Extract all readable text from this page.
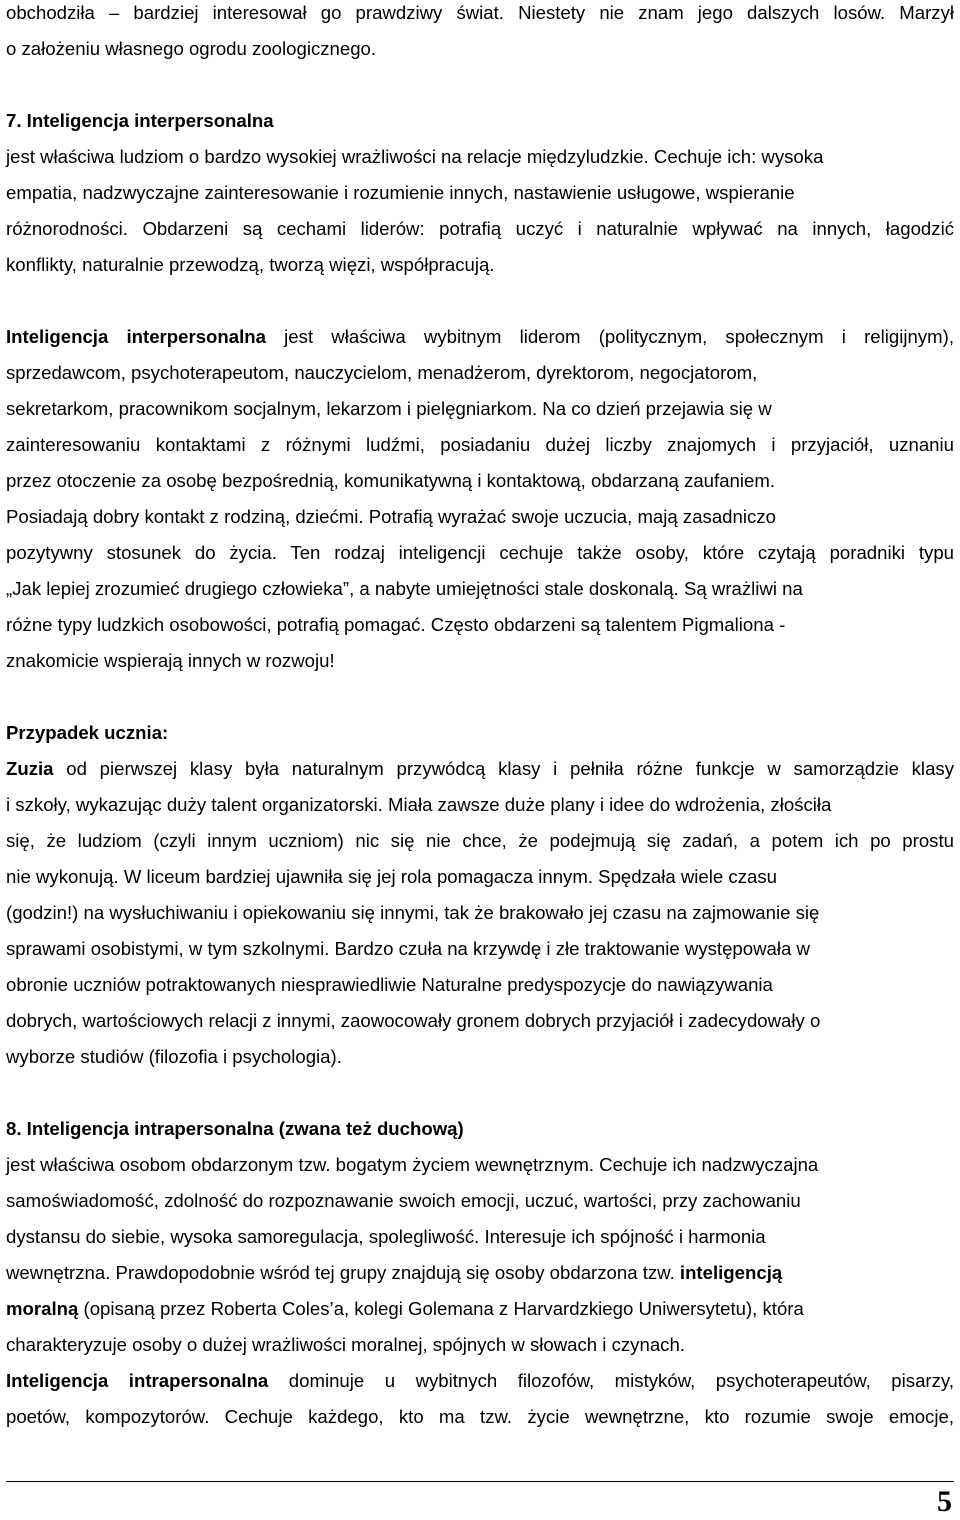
obchodziła – bardziej interesował go prawdziwy świat. Niestety nie znam jego dalszych losów. Marzył

o założeniu własnego ogrodu zoologicznego.

7. Inteligencja interpersonalna

jest właściwa ludziom o bardzo wysokiej wrażliwości na relacje międzyludzkie. Cechuje ich: wysoka

empatia, nadzwyczajne zainteresowanie i rozumienie innych, nastawienie usługowe, wspieranie

różnorodności. Obdarzeni są cechami liderów: potrafią uczyć i naturalnie wpływać na innych, łagodzić

konflikty, naturalnie przewodzą, tworzą więzi, współpracują.

Inteligencja interpersonalna jest właściwa wybitnym liderom (politycznym, społecznym i religijnym),

sprzedawcom, psychoterapeutom, nauczycielom, menadżerom, dyrektorom, negocjatorom,

sekretarkom, pracownikom socjalnym, lekarzom i pielęgniarkom. Na co dzień przejawia się w

zainteresowaniu kontaktami z różnymi ludźmi, posiadaniu dużej liczby znajomych i przyjaciół, uznaniu

przez otoczenie za osobę bezpośrednią, komunikatywną i kontaktową, obdarzaną zaufaniem.

Posiadają dobry kontakt z rodziną, dziećmi. Potrafią wyrażać swoje uczucia, mają zasadniczo

pozytywny stosunek do życia. Ten rodzaj inteligencji cechuje także osoby, które czytają poradniki typu

„Jak lepiej zrozumieć drugiego człowieka”, a nabyte umiejętności stale doskonalą. Są wrażliwi na

różne typy ludzkich osobowości, potrafią pomagać. Często obdarzeni są talentem Pigmaliona -

znakomicie wspierają innych w rozwoju!

Przypadek ucznia:

Zuzia od pierwszej klasy była naturalnym przywódcą klasy i pełniła różne funkcje w samorządzie klasy

i szkoły, wykazując duży talent organizatorski. Miała zawsze duże plany i idee do wdrożenia, złościła

się, że ludziom (czyli innym uczniom) nic się nie chce, że podejmują się zadań, a potem ich po prostu

nie wykonują. W liceum bardziej ujawniła się jej rola pomagacza innym. Spędzała wiele czasu

(godzin!) na wysłuchiwaniu i opiekowaniu się innymi, tak że brakowało jej czasu na zajmowanie się

sprawami osobistymi, w tym szkolnymi. Bardzo czuła na krzywdę i złe traktowanie występowała w

obronie uczniów potraktowanych niesprawiedliwie Naturalne predyspozycje do nawiązywania

dobrych, wartościowych relacji z innymi, zaowocowały gronem dobrych przyjaciół i zadecydowały o

wyborze studiów (filozofia i psychologia).

8. Inteligencja intrapersonalna (zwana też duchową)

jest właściwa osobom obdarzonym tzw. bogatym życiem wewnętrznym. Cechuje ich nadzwyczajna

samoświadomość, zdolność do rozpoznawanie swoich emocji, uczuć, wartości, przy zachowaniu

dystansu do siebie, wysoka samoregulacja, spolegliwość. Interesuje ich spójność i harmonia

wewnętrzna. Prawdopodobnie wśród tej grupy znajdują się osoby obdarzona tzw. inteligencją

moralną (opisaną przez Roberta Coles’a, kolegi Golemana z Harvardzkiego Uniwersytetu), która

charakteryzuje osoby o dużej wrażliwości moralnej, spójnych w słowach i czynach.

Inteligencja intrapersonalna dominuje u wybitnych filozofów, mistyków, psychoterapeutów, pisarzy,

poetów, kompozytorów. Cechuje każdego, kto ma tzw. życie wewnętrzne, kto rozumie swoje emocje,

5
